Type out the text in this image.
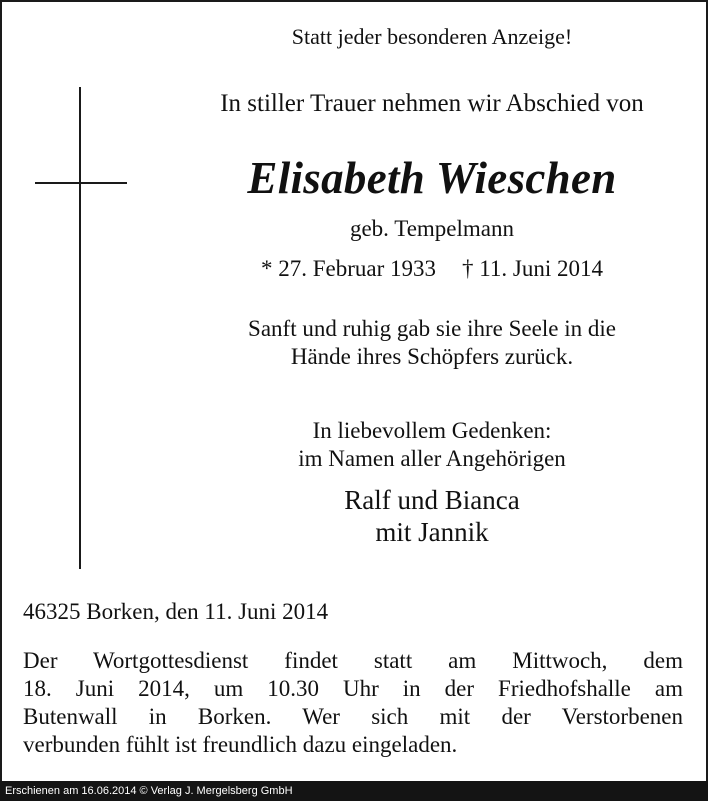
Statt jeder besonderen Anzeige!
In stiller Trauer nehmen wir Abschied von
Elisabeth Wieschen
geb. Tempelmann
* 27. Februar 1933 † 11. Juni 2014
Sanft und ruhig gab sie ihre Seele in die
Hände ihres Schöpfers zurück.
In liebevollem Gedenken:
im Namen aller Angehörigen
Ralf und Bianca
mit Jannik
46325 Borken, den 11. Juni 2014
Der Wortgottesdienst findet statt am Mittwoch, dem
18. Juni 2014, um 10.30 Uhr in der Friedhofshalle am
Butenwall in Borken. Wer sich mit der Verstorbenen
verbunden fühlt ist freundlich dazu eingeladen.
Erschienen am 16.06.2014 © Verlag J. Mergelsberg GmbH
